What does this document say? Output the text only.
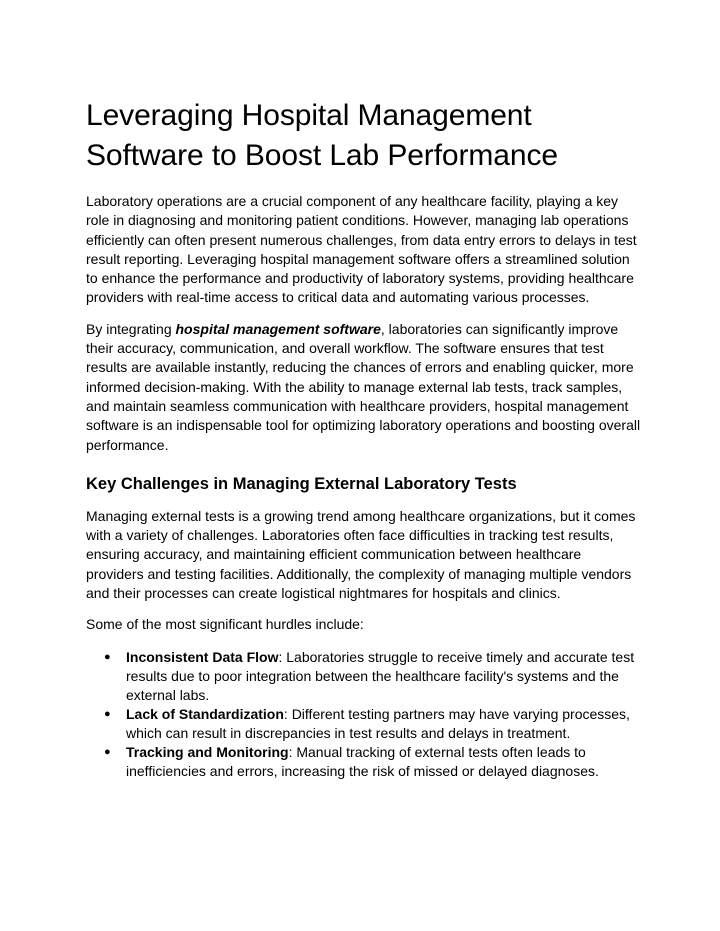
Leveraging Hospital Management Software to Boost Lab Performance

Laboratory operations are a crucial component of any healthcare facility, playing a key role in diagnosing and monitoring patient conditions. However, managing lab operations efficiently can often present numerous challenges, from data entry errors to delays in test result reporting. Leveraging hospital management software offers a streamlined solution to enhance the performance and productivity of laboratory systems, providing healthcare providers with real-time access to critical data and automating various processes.

By integrating hospital management software, laboratories can significantly improve their accuracy, communication, and overall workflow. The software ensures that test results are available instantly, reducing the chances of errors and enabling quicker, more informed decision-making. With the ability to manage external lab tests, track samples, and maintain seamless communication with healthcare providers, hospital management software is an indispensable tool for optimizing laboratory operations and boosting overall performance.

Key Challenges in Managing External Laboratory Tests

Managing external tests is a growing trend among healthcare organizations, but it comes with a variety of challenges. Laboratories often face difficulties in tracking test results, ensuring accuracy, and maintaining efficient communication between healthcare providers and testing facilities. Additionally, the complexity of managing multiple vendors and their processes can create logistical nightmares for hospitals and clinics.

Some of the most significant hurdles include:

● Inconsistent Data Flow: Laboratories struggle to receive timely and accurate test results due to poor integration between the healthcare facility's systems and the external labs.
● Lack of Standardization: Different testing partners may have varying processes, which can result in discrepancies in test results and delays in treatment.
● Tracking and Monitoring: Manual tracking of external tests often leads to inefficiencies and errors, increasing the risk of missed or delayed diagnoses.
